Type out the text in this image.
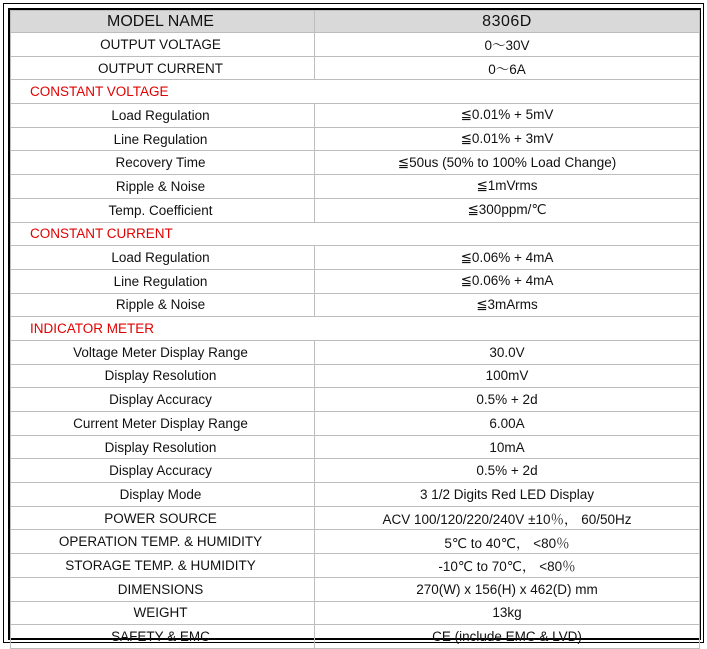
MODEL NAME	8306D
OUTPUT VOLTAGE	0～30V
OUTPUT CURRENT	0～6A
CONSTANT VOLTAGE	
Load Regulation	≦0.01% + 5mV
Line Regulation	≦0.01% + 3mV
Recovery Time	≦50us (50% to 100% Load Change)
Ripple & Noise	≦1mVrms
Temp. Coefficient	≦300ppm/℃
CONSTANT CURRENT	
Load Regulation	≦0.06% + 4mA
Line Regulation	≦0.06% + 4mA
Ripple & Noise	≦3mArms
INDICATOR METER	
Voltage Meter Display Range	30.0V
Display Resolution	100mV
Display Accuracy	0.5% + 2d
Current Meter Display Range	6.00A
Display Resolution	10mA
Display Accuracy	0.5% + 2d
Display Mode	3 1/2 Digits Red LED Display
POWER SOURCE	ACV 100/120/220/240V ±10％， 60/50Hz
OPERATION TEMP. & HUMIDITY	5℃ to 40℃， <80％
STORAGE TEMP. & HUMIDITY	-10℃ to 70℃， <80％
DIMENSIONS	270(W) x 156(H) x 462(D) mm
WEIGHT	13kg
SAFETY & EMC	CE (include EMC & LVD)
